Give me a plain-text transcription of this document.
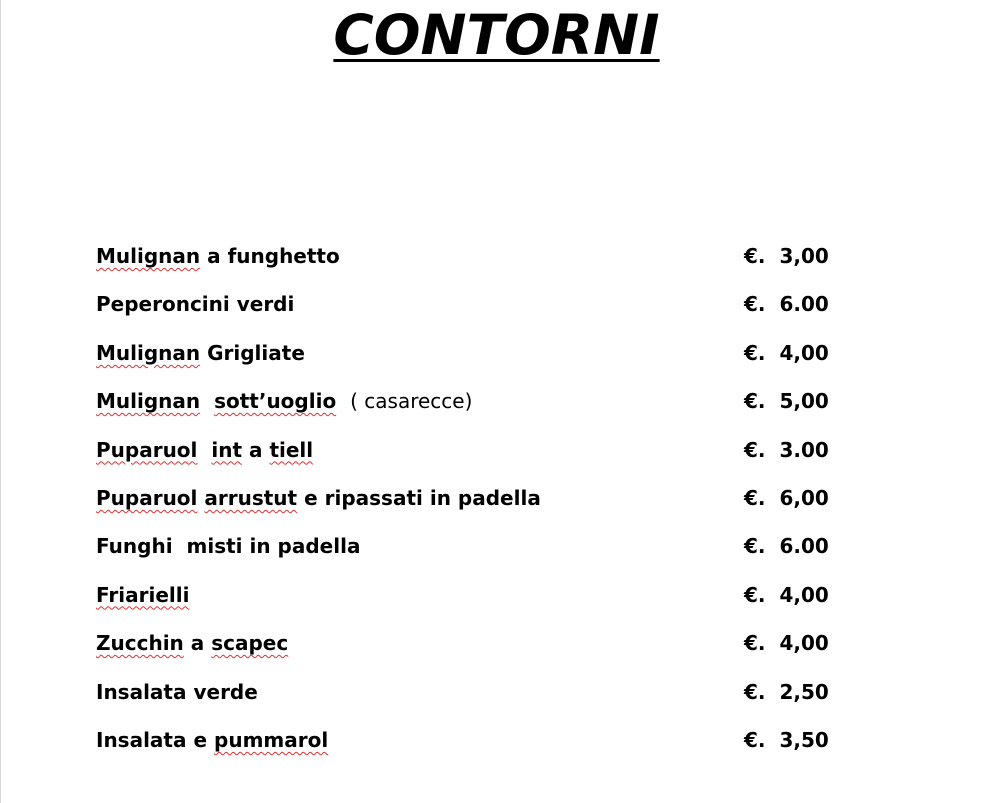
CONTORNI
Mulignan a funghetto	€.  3,00
Peperoncini verdi	€.  6.00
Mulignan Grigliate	€.  4,00
Mulignan sott’uoglio ( casarecce)	€.  5,00
Puparuol int a tiell	€.  3.00
Puparuol arrustut e ripassati in padella	€.  6,00
Funghi misti in padella	€.  6.00
Friarielli	€.  4,00
Zucchin a scapec	€.  4,00
Insalata verde	€.  2,50
Insalata e pummarol	€.  3,50
